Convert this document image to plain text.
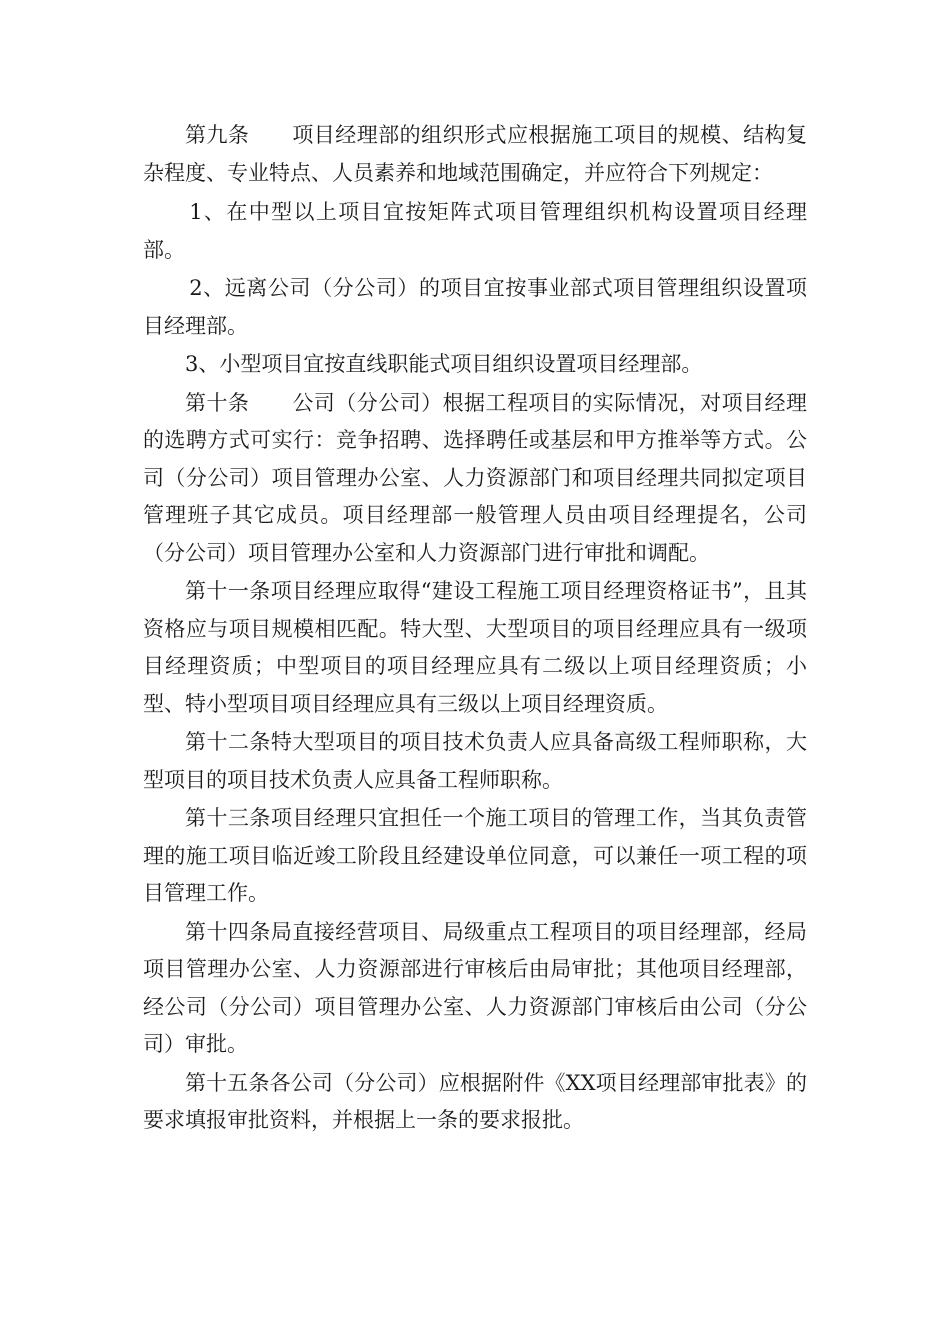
第九条　　项目经理部的组织形式应根据施工项目的规模、结构复杂程度、专业特点、人员素养和地域范围确定，并应符合下列规定：

1、在中型以上项目宜按矩阵式项目管理组织机构设置项目经理部。

2、远离公司（分公司）的项目宜按事业部式项目管理组织设置项目经理部。

3、小型项目宜按直线职能式项目组织设置项目经理部。

第十条　　公司（分公司）根据工程项目的实际情况，对项目经理的选聘方式可实行：竞争招聘、选择聘任或基层和甲方推举等方式。公司（分公司）项目管理办公室、人力资源部门和项目经理共同拟定项目管理班子其它成员。项目经理部一般管理人员由项目经理提名，公司（分公司）项目管理办公室和人力资源部门进行审批和调配。

第十一条项目经理应取得“建设工程施工项目经理资格证书”，且其资格应与项目规模相匹配。特大型、大型项目的项目经理应具有一级项目经理资质；中型项目的项目经理应具有二级以上项目经理资质；小型、特小型项目项目经理应具有三级以上项目经理资质。

第十二条特大型项目的项目技术负责人应具备高级工程师职称，大型项目的项目技术负责人应具备工程师职称。

第十三条项目经理只宜担任一个施工项目的管理工作，当其负责管理的施工项目临近竣工阶段且经建设单位同意，可以兼任一项工程的项目管理工作。

第十四条局直接经营项目、局级重点工程项目的项目经理部，经局项目管理办公室、人力资源部进行审核后由局审批；其他项目经理部，经公司（分公司）项目管理办公室、人力资源部门审核后由公司（分公司）审批。

第十五条各公司（分公司）应根据附件《XX项目经理部审批表》的要求填报审批资料，并根据上一条的要求报批。
